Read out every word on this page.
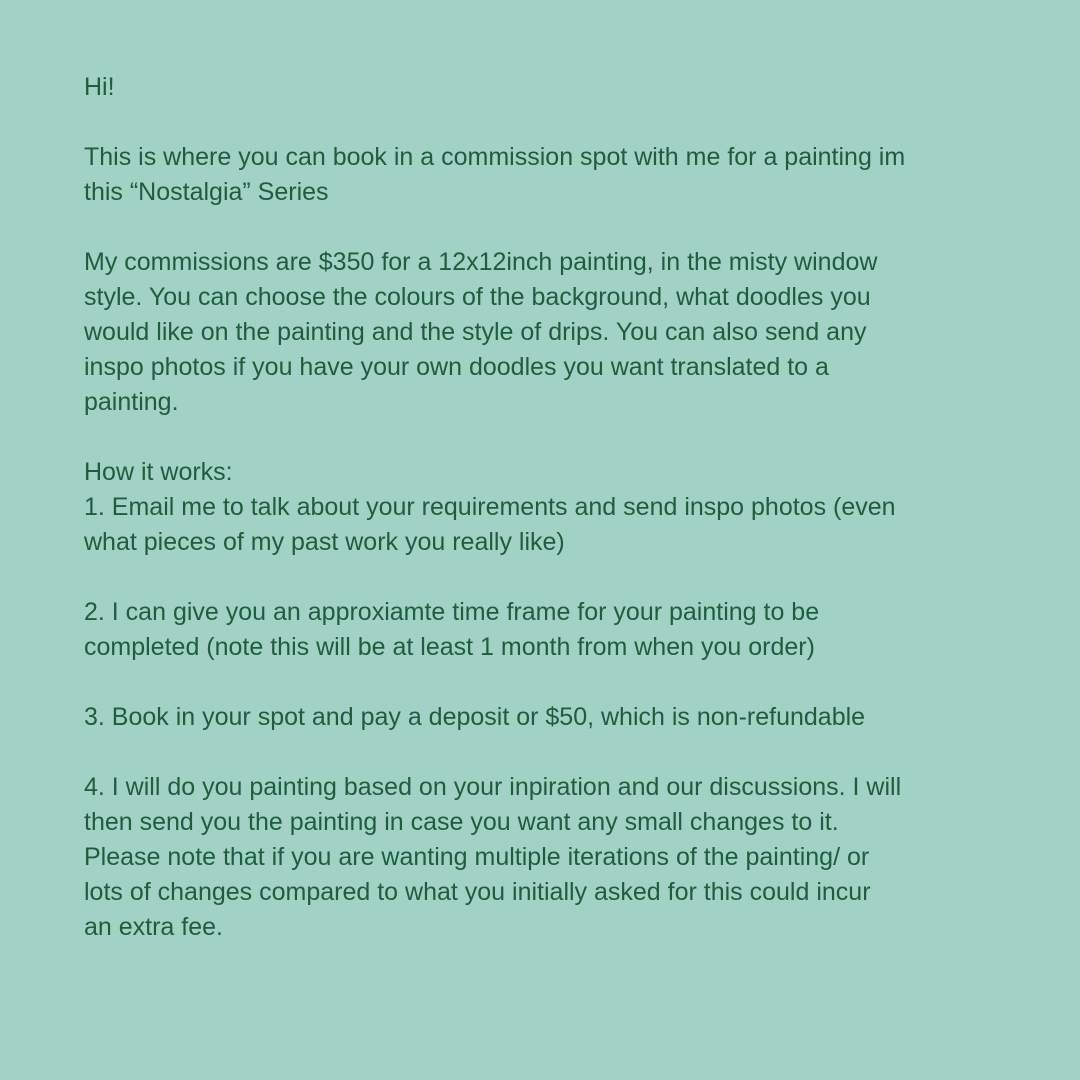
Hi!

This is where you can book in a commission spot with me for a painting im
this “Nostalgia” Series

My commissions are $350 for a 12x12inch painting, in the misty window
style. You can choose the colours of the background, what doodles you
would like on the painting and the style of drips. You can also send any
inspo photos if you have your own doodles you want translated to a
painting.

How it works:

1. Email me to talk about your requirements and send inspo photos (even
what pieces of my past work you really like)

2. I can give you an approxiamte time frame for your painting to be
completed (note this will be at least 1 month from when you order)

3. Book in your spot and pay a deposit or $50, which is non-refundable

4. I will do you painting based on your inpiration and our discussions. I will
then send you the painting in case you want any small changes to it.
Please note that if you are wanting multiple iterations of the painting/ or
lots of changes compared to what you initially asked for this could incur
an extra fee.
